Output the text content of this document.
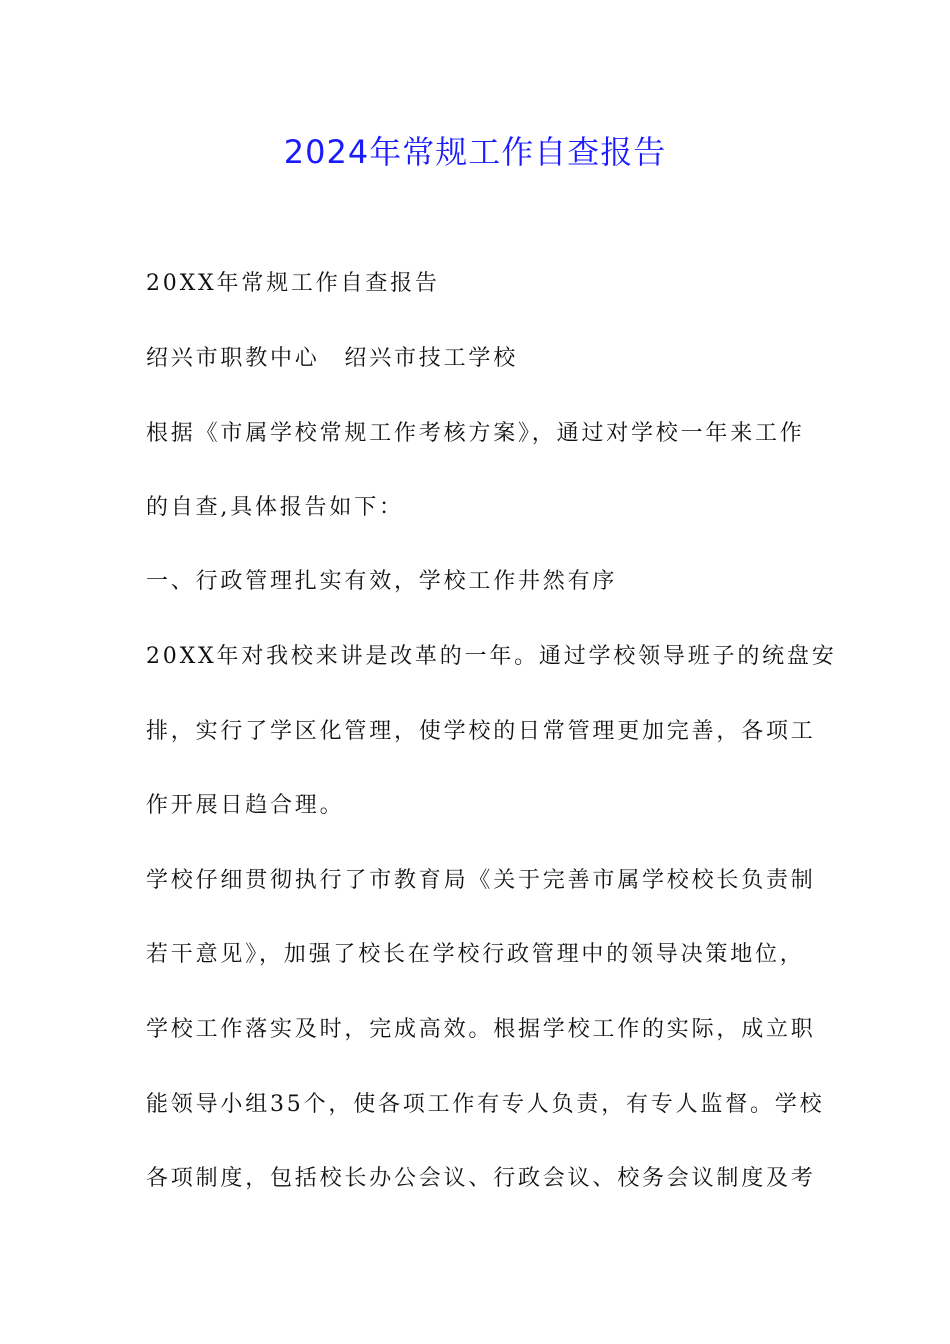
2024年常规工作自查报告
20XX年常规工作自查报告
绍兴市职教中心　绍兴市技工学校
根据《市属学校常规工作考核方案》，通过对学校一年来工作
的自查,具体报告如下：
一、行政管理扎实有效，学校工作井然有序
20XX年对我校来讲是改革的一年。通过学校领导班子的统盘安
排，实行了学区化管理，使学校的日常管理更加完善，各项工
作开展日趋合理。
学校仔细贯彻执行了市教育局《关于完善市属学校校长负责制
若干意见》，加强了校长在学校行政管理中的领导决策地位，
学校工作落实及时，完成高效。根据学校工作的实际，成立职
能领导小组35个，使各项工作有专人负责，有专人监督。学校
各项制度，包括校长办公会议、行政会议、校务会议制度及考
